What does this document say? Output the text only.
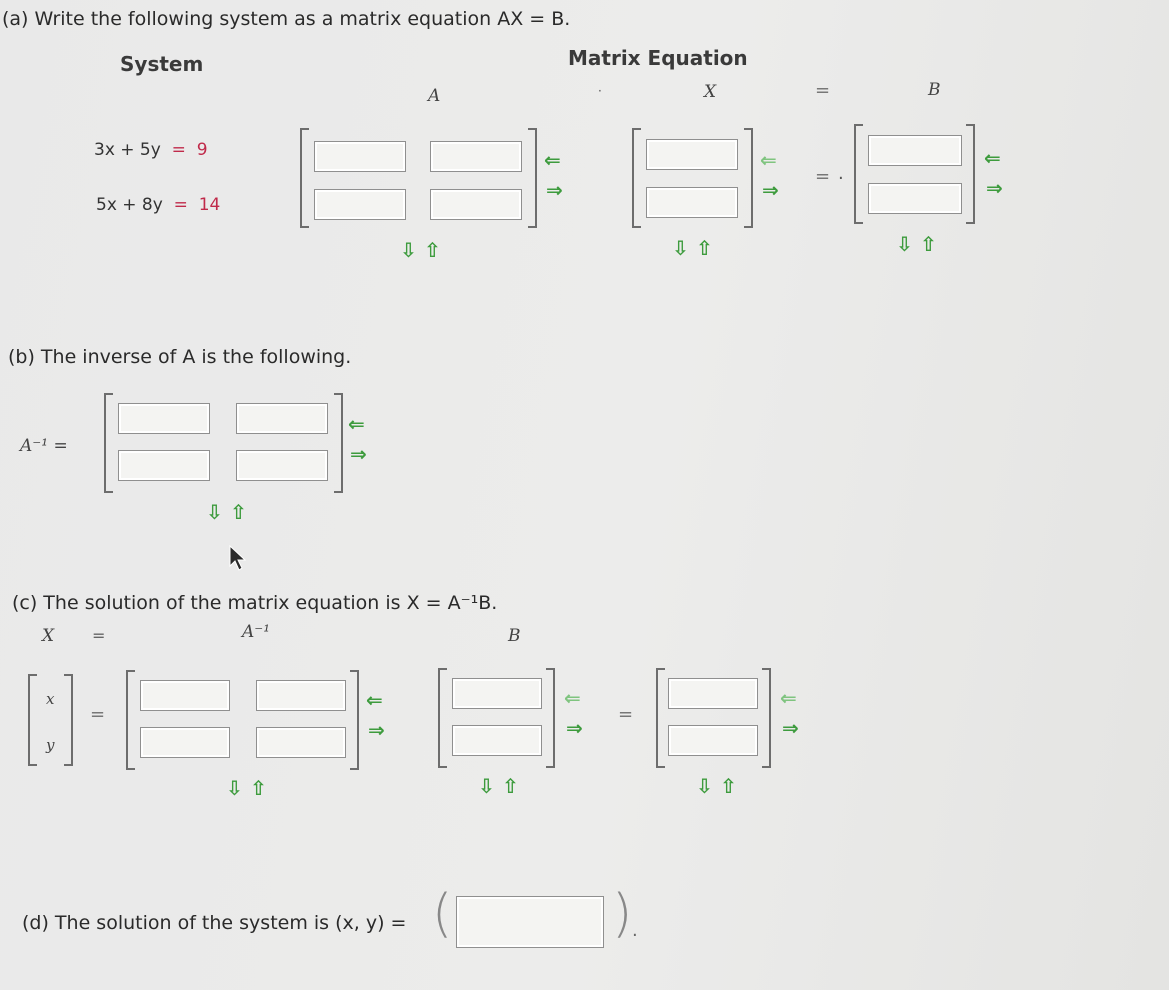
(a) Write the following system as a matrix equation AX = B.
System	Matrix Equation
A	X	B
·	=
3x + 5y = 9
5x + 8y = 14
⇐
⇒
⇩ ⇧
⇐
⇒
⇩ ⇧
= ·
⇐
⇒
⇩ ⇧
(b) The inverse of A is the following.
A⁻¹ =
⇐
⇒
⇩ ⇧
(c) The solution of the matrix equation is X = A⁻¹B.
X =	A⁻¹	B
x
y
=
⇐
⇒
⇩ ⇧
⇐
⇒
⇩ ⇧
=
⇐
⇒
⇩ ⇧
(d) The solution of the system is (x, y) = (	) .
